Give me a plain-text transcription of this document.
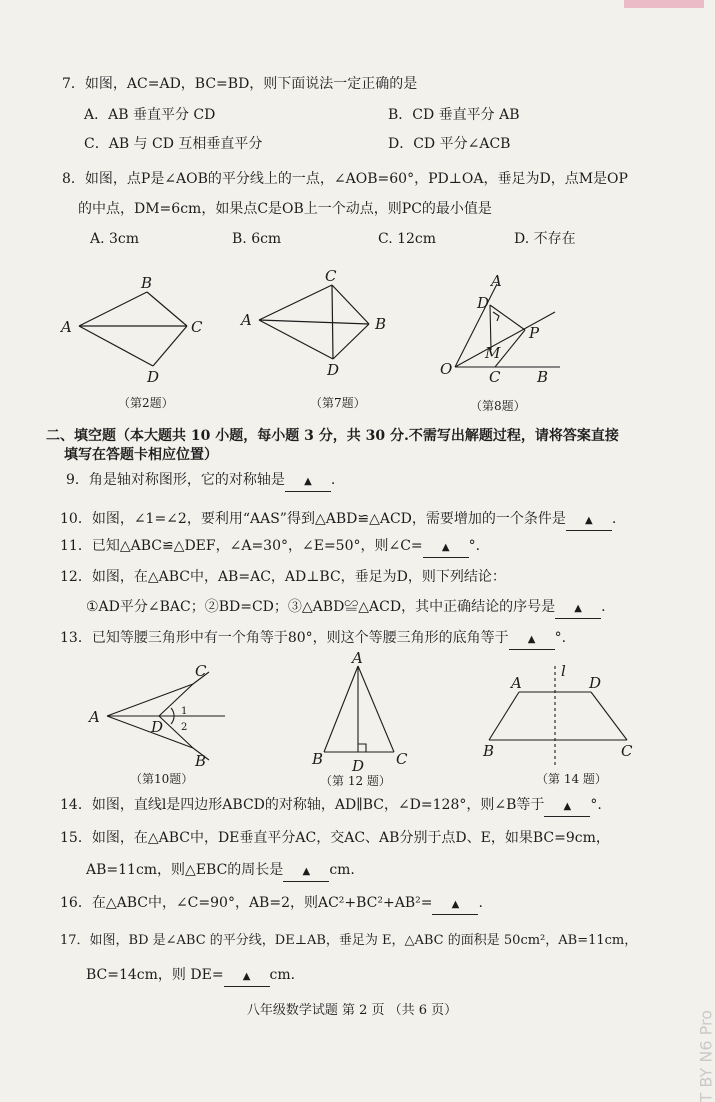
7．如图，AC=AD，BC=BD，则下面说法一定正确的是
A．AB 垂直平分 CD	B．CD 垂直平分 AB
C．AB 与 CD 互相垂直平分	D．CD 平分∠ACB
8．如图，点P是∠AOB的平分线上的一点，∠AOB=60°，PD⊥OA，垂足为D，点M是OP
的中点，DM=6cm，如果点C是OB上一个动点，则PC的最小值是
A. 3cm	B. 6cm	C. 12cm	D. 不存在
A
B
C
D
（第2题）
A	B
C
D
（第7题）
A
D
P
M
O C B
（第8题）
二、填空题（本大题共 10 小题，每小题 3 分，共 30 分.不需写出解题过程，请将答案直接
填写在答题卡相应位置）
9．角是轴对称图形，它的对称轴是 ▲ .
10．如图，∠1=∠2，要利用“AAS”得到△ABD≌△ACD，需要增加的一个条件是 ▲ .
11．已知△ABC≌△DEF，∠A=30°，∠E=50°，则∠C= ▲ °.
12．如图，在△ABC中，AB=AC，AD⊥BC，垂足为D，则下列结论：
①AD平分∠BAC；②BD=CD；③△ABD≌△ACD，其中正确结论的序号是 ▲ .
13．已知等腰三角形中有一个角等于80°，则这个等腰三角形的底角等于 ▲ °.
A
C
B
D
1
2
（第10题）
A
B	C
D
（第 12 题）
l
A	D
B	C
（第 14 题）
14．如图，直线l是四边形ABCD的对称轴，AD∥BC，∠D=128°，则∠B等于 ▲ °.
15．如图，在△ABC中，DE垂直平分AC，交AC、AB分别于点D、E，如果BC=9cm，
AB=11cm，则△EBC的周长是 ▲ cm.
16．在△ABC中，∠C=90°，AB=2，则AC²+BC²+AB²= ▲ .
17．如图，BD 是∠ABC 的平分线，DE⊥AB，垂足为 E，△ABC 的面积是 50cm²，AB=11cm，
BC=14cm，则 DE= ▲ cm.
八年级数学试题 第 2 页 （共 6 页）	T BY N6 Pro
